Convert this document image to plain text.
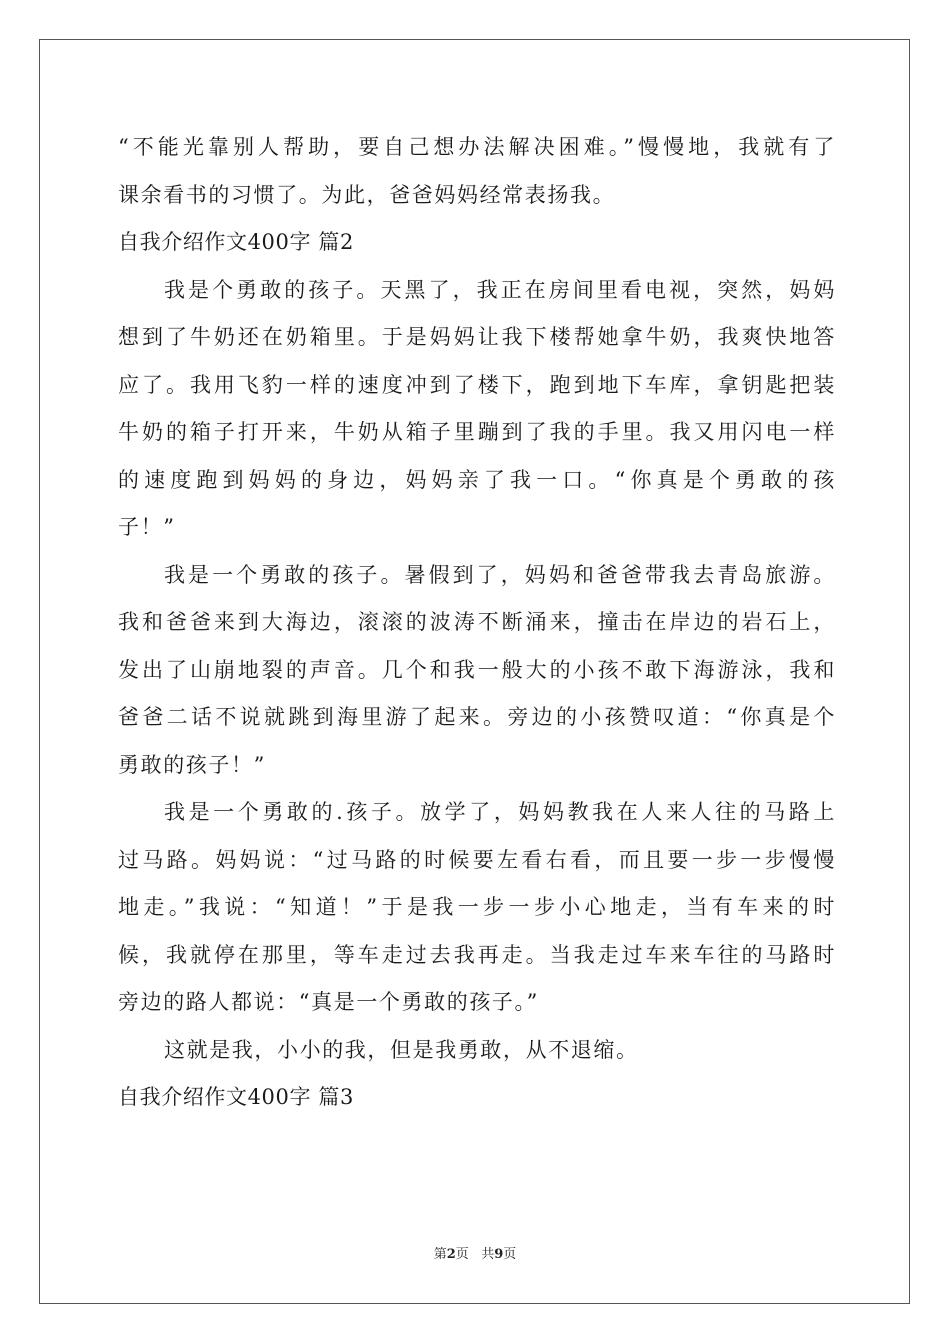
“不能光靠别人帮助，要自己想办法解决困难。”慢慢地，我就有了
课余看书的习惯了。为此，爸爸妈妈经常表扬我。
自我介绍作文400字 篇2
我是个勇敢的孩子。天黑了，我正在房间里看电视，突然，妈妈
想到了牛奶还在奶箱里。于是妈妈让我下楼帮她拿牛奶，我爽快地答
应了。我用飞豹一样的速度冲到了楼下，跑到地下车库，拿钥匙把装
牛奶的箱子打开来，牛奶从箱子里蹦到了我的手里。我又用闪电一样
的速度跑到妈妈的身边，妈妈亲了我一口。“你真是个勇敢的孩
子！”
我是一个勇敢的孩子。暑假到了，妈妈和爸爸带我去青岛旅游。
我和爸爸来到大海边，滚滚的波涛不断涌来，撞击在岸边的岩石上，
发出了山崩地裂的声音。几个和我一般大的小孩不敢下海游泳，我和
爸爸二话不说就跳到海里游了起来。旁边的小孩赞叹道：“你真是个
勇敢的孩子！”
我是一个勇敢的.孩子。放学了，妈妈教我在人来人往的马路上
过马路。妈妈说：“过马路的时候要左看右看，而且要一步一步慢慢
地走。”我说：“知道！”于是我一步一步小心地走，当有车来的时
候，我就停在那里，等车走过去我再走。当我走过车来车往的马路时
旁边的路人都说：“真是一个勇敢的孩子。”
这就是我，小小的我，但是我勇敢，从不退缩。
自我介绍作文400字 篇3
第2页 共9页
